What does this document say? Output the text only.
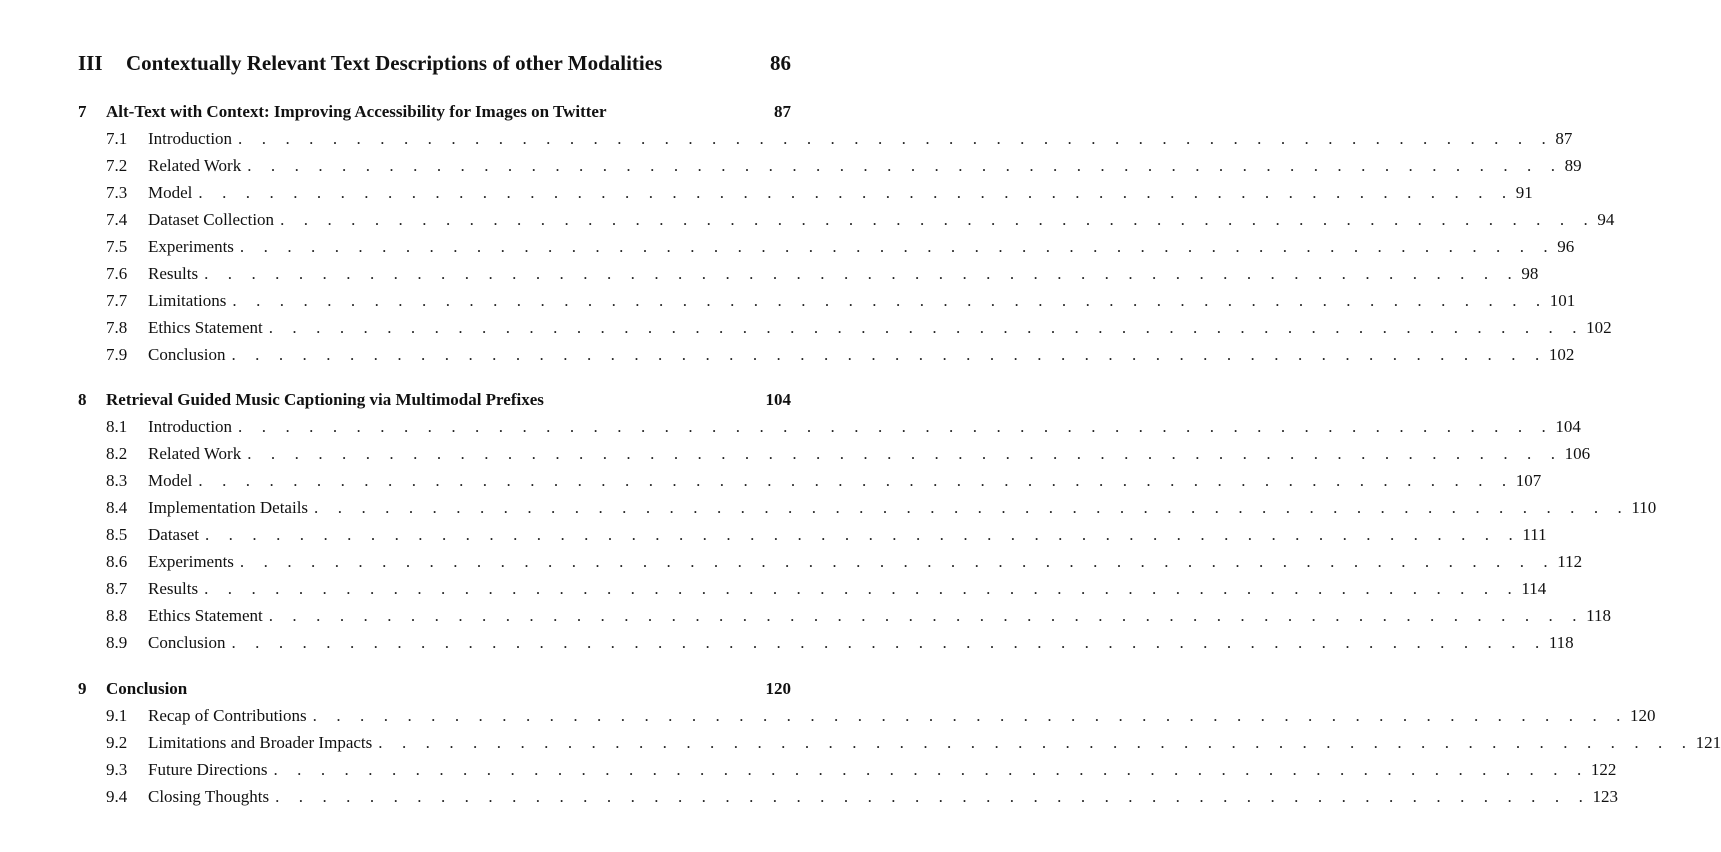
III	Contextually Relevant Text Descriptions of other Modalities	86
7	Alt-Text with Context: Improving Accessibility for Images on Twitter	87
7.1	Introduction . . . . . . . . . . . . . . . . . . . . . . . . . . . . . . . . . . . . . . . . . . . . . . . . . . . . . . . . 87
7.2	Related Work . . . . . . . . . . . . . . . . . . . . . . . . . . . . . . . . . . . . . . . . . . . . . . . . . . . . . . . . 89
7.3	Model . . . . . . . . . . . . . . . . . . . . . . . . . . . . . . . . . . . . . . . . . . . . . . . . . . . . . . . . 91
7.4	Dataset Collection . . . . . . . . . . . . . . . . . . . . . . . . . . . . . . . . . . . . . . . . . . . . . . . . . . . . . . . . 94
7.5	Experiments . . . . . . . . . . . . . . . . . . . . . . . . . . . . . . . . . . . . . . . . . . . . . . . . . . . . . . . . 96
7.6	Results . . . . . . . . . . . . . . . . . . . . . . . . . . . . . . . . . . . . . . . . . . . . . . . . . . . . . . . . 98
7.7	Limitations . . . . . . . . . . . . . . . . . . . . . . . . . . . . . . . . . . . . . . . . . . . . . . . . . . . . . . . . 101
7.8	Ethics Statement . . . . . . . . . . . . . . . . . . . . . . . . . . . . . . . . . . . . . . . . . . . . . . . . . . . . . . . . 102
7.9	Conclusion . . . . . . . . . . . . . . . . . . . . . . . . . . . . . . . . . . . . . . . . . . . . . . . . . . . . . . . . 102
8	Retrieval Guided Music Captioning via Multimodal Prefixes	104
8.1	Introduction . . . . . . . . . . . . . . . . . . . . . . . . . . . . . . . . . . . . . . . . . . . . . . . . . . . . . . . . 104
8.2	Related Work . . . . . . . . . . . . . . . . . . . . . . . . . . . . . . . . . . . . . . . . . . . . . . . . . . . . . . . . 106
8.3	Model . . . . . . . . . . . . . . . . . . . . . . . . . . . . . . . . . . . . . . . . . . . . . . . . . . . . . . . . 107
8.4	Implementation Details . . . . . . . . . . . . . . . . . . . . . . . . . . . . . . . . . . . . . . . . . . . . . . . . . . . . . . . . 110
8.5	Dataset . . . . . . . . . . . . . . . . . . . . . . . . . . . . . . . . . . . . . . . . . . . . . . . . . . . . . . . . 111
8.6	Experiments . . . . . . . . . . . . . . . . . . . . . . . . . . . . . . . . . . . . . . . . . . . . . . . . . . . . . . . . 112
8.7	Results . . . . . . . . . . . . . . . . . . . . . . . . . . . . . . . . . . . . . . . . . . . . . . . . . . . . . . . . 114
8.8	Ethics Statement . . . . . . . . . . . . . . . . . . . . . . . . . . . . . . . . . . . . . . . . . . . . . . . . . . . . . . . . 118
8.9	Conclusion . . . . . . . . . . . . . . . . . . . . . . . . . . . . . . . . . . . . . . . . . . . . . . . . . . . . . . . . 118
9	Conclusion	120
9.1	Recap of Contributions . . . . . . . . . . . . . . . . . . . . . . . . . . . . . . . . . . . . . . . . . . . . . . . . . . . . . . . . 120
9.2	Limitations and Broader Impacts . . . . . . . . . . . . . . . . . . . . . . . . . . . . . . . . . . . . . . . . . . . . . . . . . . . . . . . . 121
9.3	Future Directions . . . . . . . . . . . . . . . . . . . . . . . . . . . . . . . . . . . . . . . . . . . . . . . . . . . . . . . . 122
9.4	Closing Thoughts . . . . . . . . . . . . . . . . . . . . . . . . . . . . . . . . . . . . . . . . . . . . . . . . . . . . . . . . 123
